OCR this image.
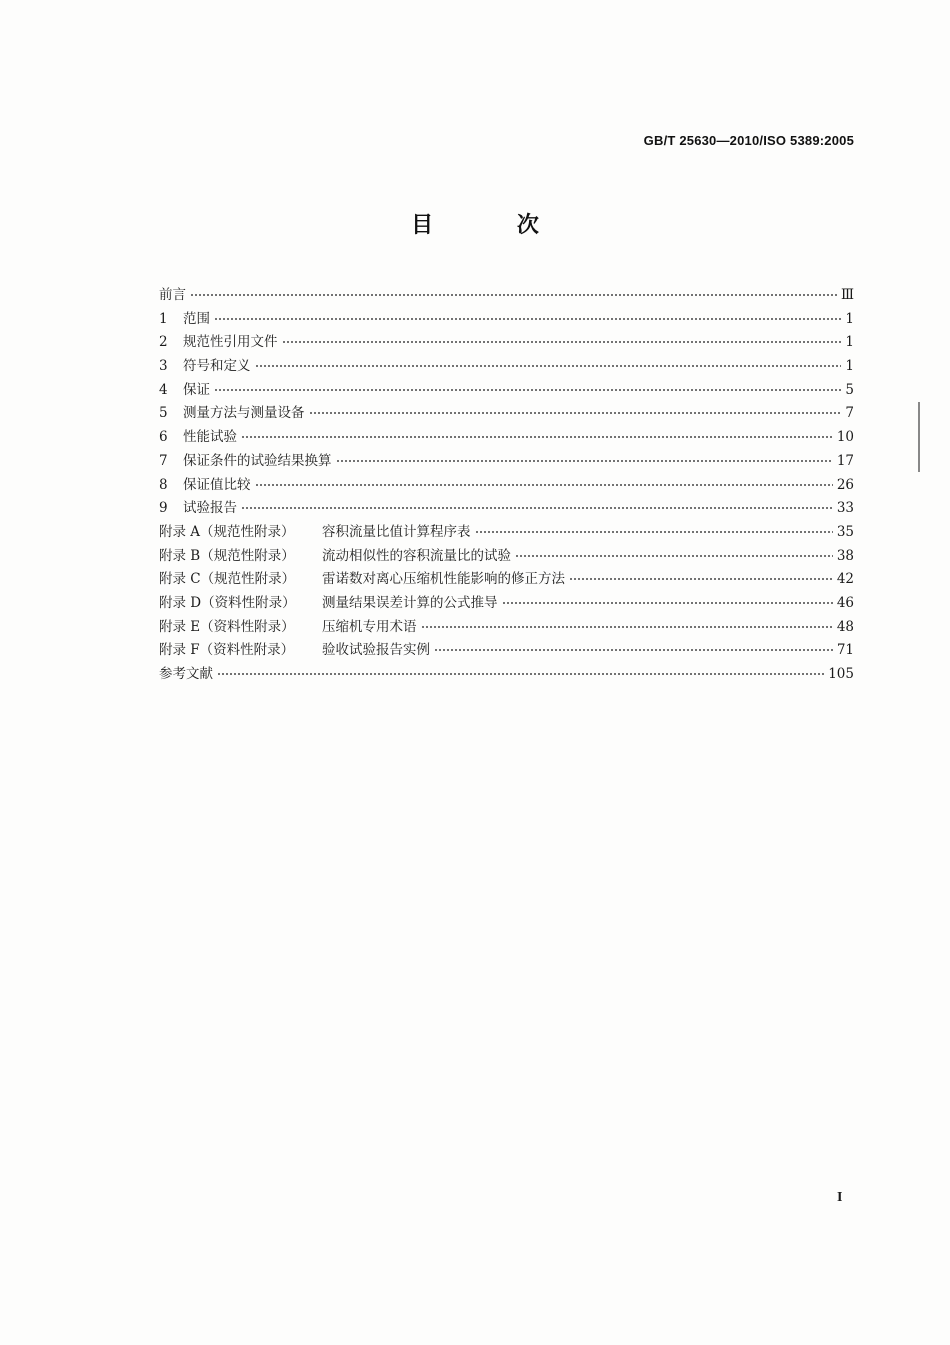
GB/T 25630—2010/ISO 5389:2005
目 次
前言	Ⅲ
1	范围	1
2	规范性引用文件	1
3	符号和定义	1
4	保证	5
5	测量方法与测量设备	7
6	性能试验	10
7	保证条件的试验结果换算	17
8	保证值比较	26
9	试验报告	33
附录 A（规范性附录）	容积流量比值计算程序表	35
附录 B（规范性附录）	流动相似性的容积流量比的试验	38
附录 C（规范性附录）	雷诺数对离心压缩机性能影响的修正方法	42
附录 D（资料性附录）	测量结果误差计算的公式推导	46
附录 E（资料性附录）	压缩机专用术语	48
附录 F（资料性附录）	验收试验报告实例	71
参考文献	105
I
